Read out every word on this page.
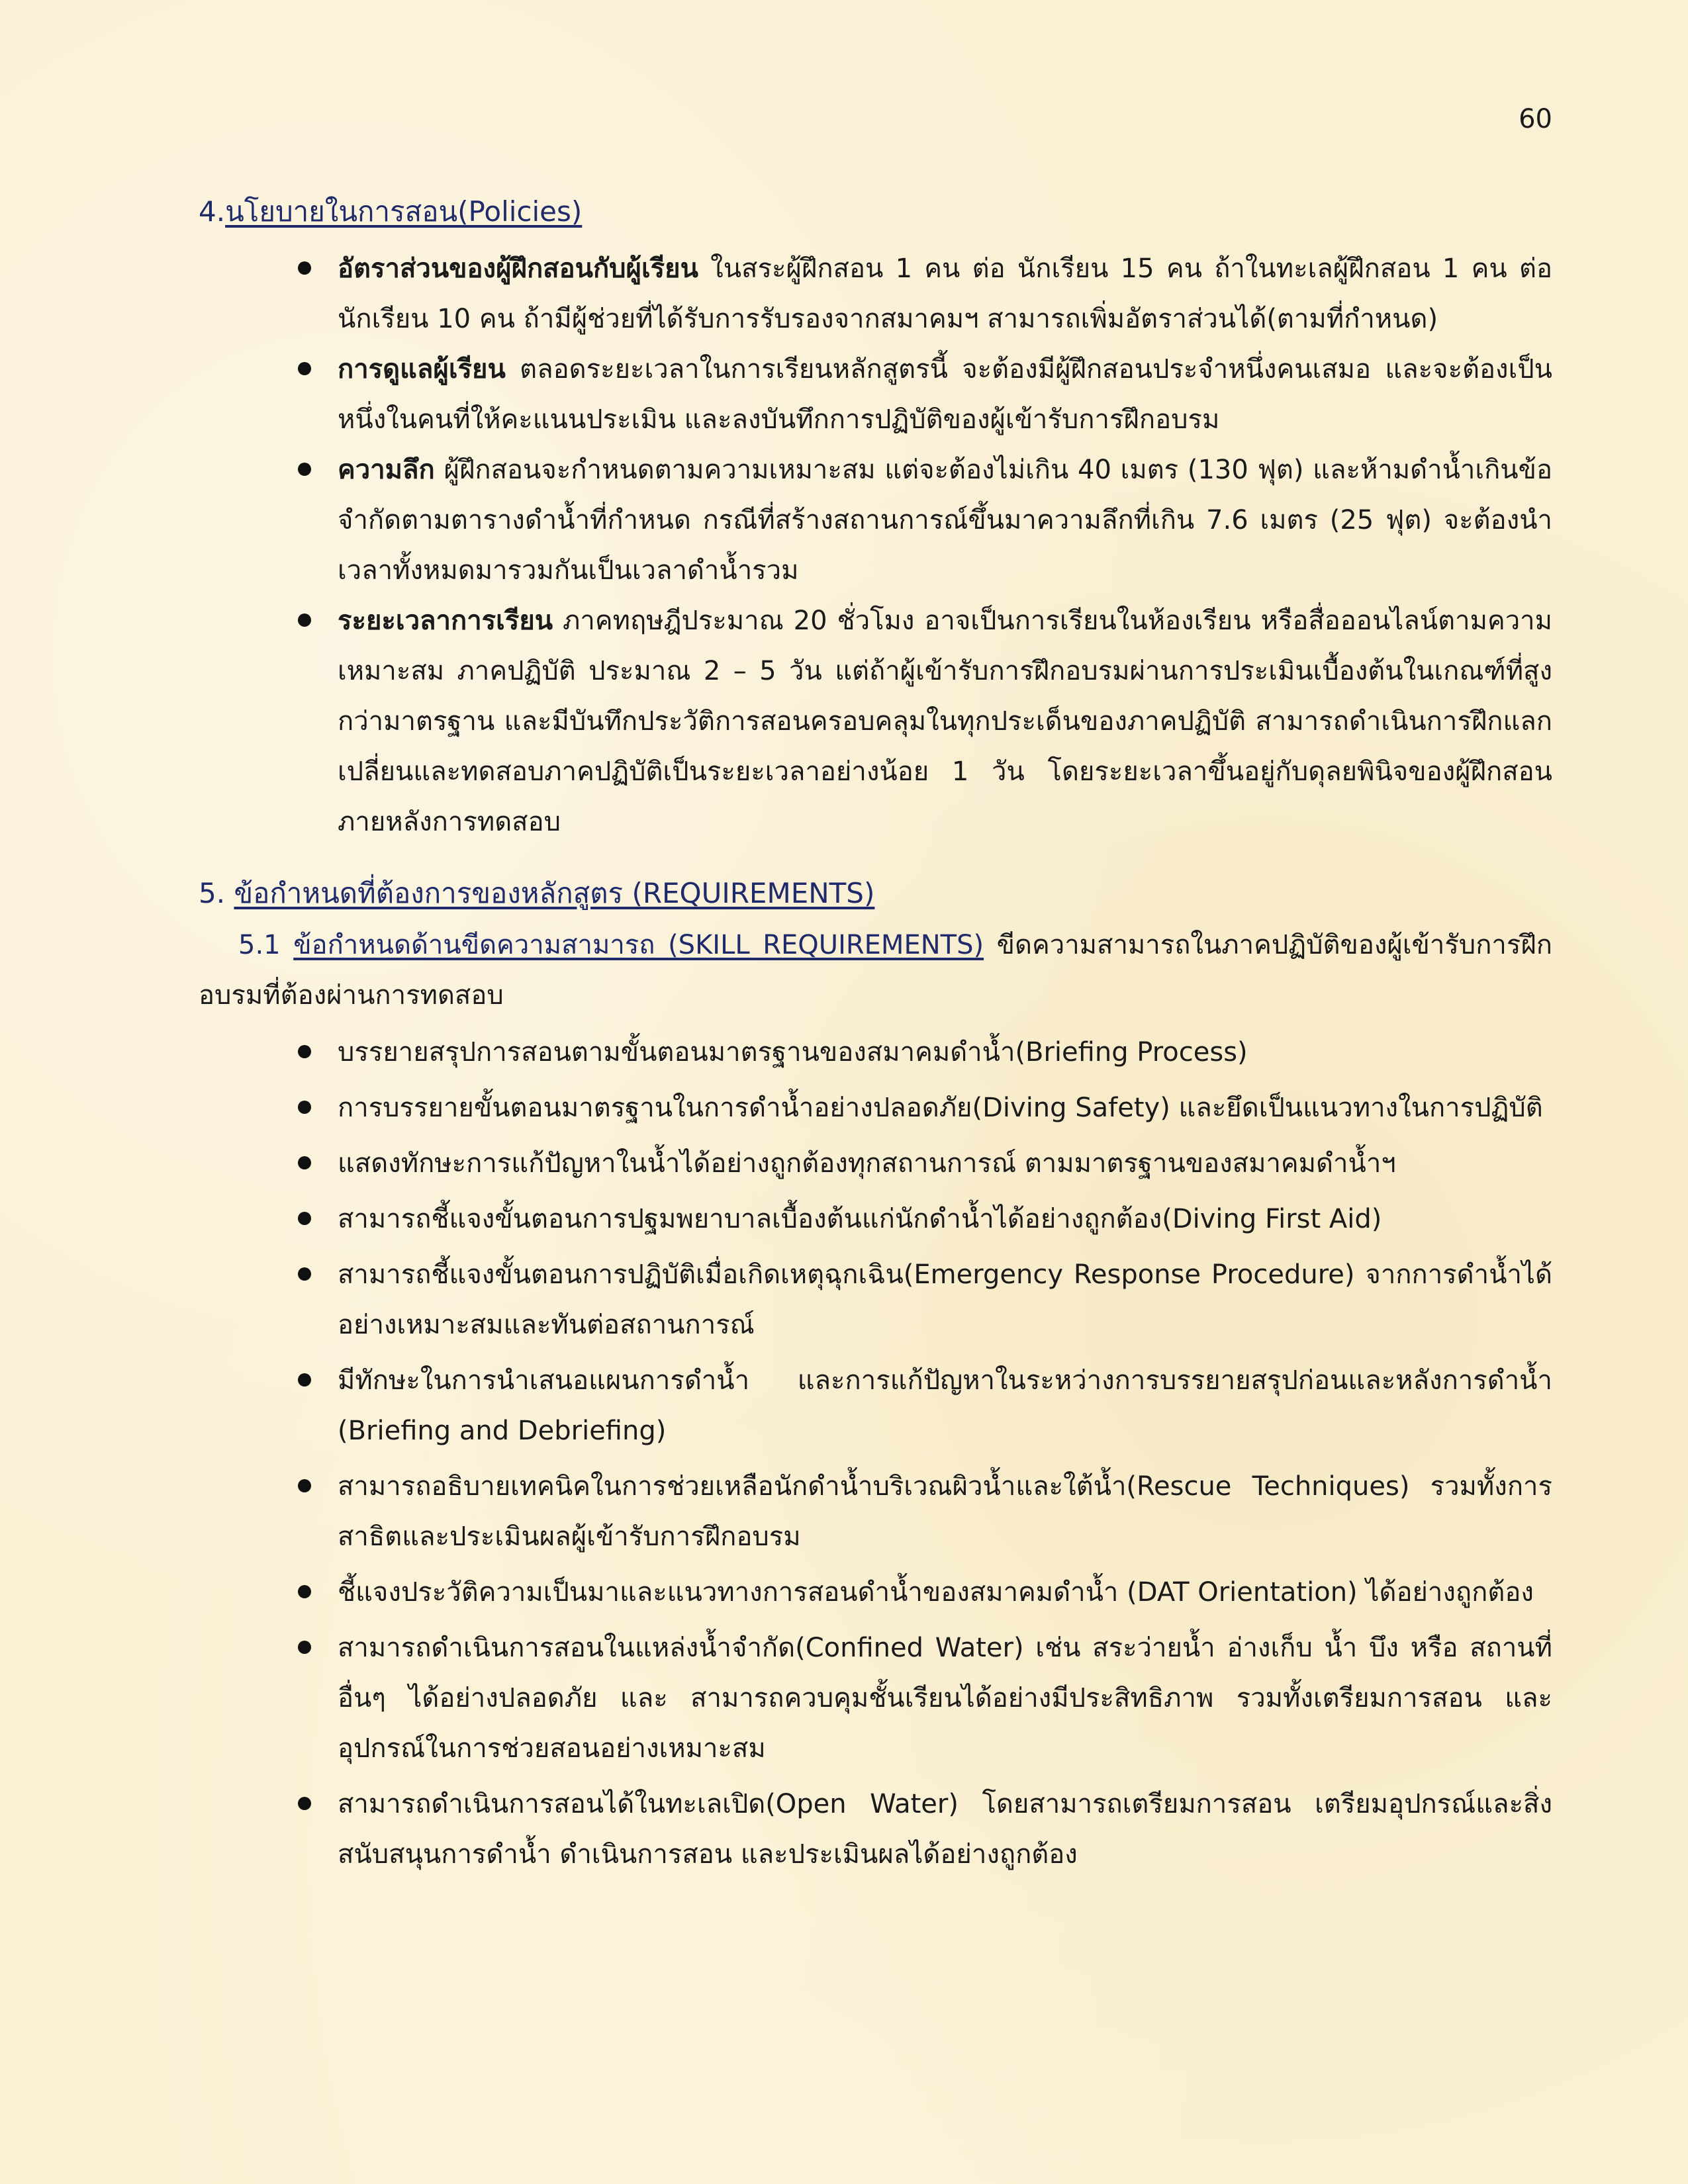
60
4.นโยบายในการสอน(Policies)
อัตราส่วนของผู้ฝึกสอนกับผู้เรียน ในสระผู้ฝึกสอน 1 คน ต่อ นักเรียน 15 คน ถ้าในทะเลผู้ฝึกสอน 1 คน ต่อนักเรียน 10 คน ถ้ามีผู้ช่วยที่ได้รับการรับรองจากสมาคมฯ สามารถเพิ่มอัตราส่วนได้(ตามที่กำหนด)
การดูแลผู้เรียน ตลอดระยะเวลาในการเรียนหลักสูตรนี้ จะต้องมีผู้ฝึกสอนประจำหนึ่งคนเสมอ และจะต้องเป็นหนึ่งในคนที่ให้คะแนนประเมิน และลงบันทึกการปฏิบัติของผู้เข้ารับการฝึกอบรม
ความลึก ผู้ฝึกสอนจะกำหนดตามความเหมาะสม แต่จะต้องไม่เกิน 40 เมตร (130 ฟุต) และห้ามดำน้ำเกินข้อจำกัดตามตารางดำน้ำที่กำหนด กรณีที่สร้างสถานการณ์ขึ้นมาความลึกที่เกิน 7.6 เมตร (25 ฟุต) จะต้องนำเวลาทั้งหมดมารวมกันเป็นเวลาดำน้ำรวม
ระยะเวลาการเรียน ภาคทฤษฎีประมาณ 20 ชั่วโมง อาจเป็นการเรียนในห้องเรียน หรือสื่อออนไลน์ตามความเหมาะสม ภาคปฏิบัติ ประมาณ 2 – 5 วัน แต่ถ้าผู้เข้ารับการฝึกอบรมผ่านการประเมินเบื้องต้นในเกณฑ์ที่สูงกว่ามาตรฐาน และมีบันทึกประวัติการสอนครอบคลุมในทุกประเด็นของภาคปฏิบัติ สามารถดำเนินการฝึกแลกเปลี่ยนและทดสอบภาคปฏิบัติเป็นระยะเวลาอย่างน้อย 1 วัน โดยระยะเวลาขึ้นอยู่กับดุลยพินิจของผู้ฝึกสอนภายหลังการทดสอบ
5. ข้อกำหนดที่ต้องการของหลักสูตร (REQUIREMENTS)
5.1 ข้อกำหนดด้านขีดความสามารถ (SKILL REQUIREMENTS) ขีดความสามารถในภาคปฏิบัติของผู้เข้ารับการฝึกอบรมที่ต้องผ่านการทดสอบ
บรรยายสรุปการสอนตามขั้นตอนมาตรฐานของสมาคมดำน้ำ(Briefing Process)
การบรรยายขั้นตอนมาตรฐานในการดำน้ำอย่างปลอดภัย(Diving Safety) และยึดเป็นแนวทางในการปฏิบัติ
แสดงทักษะการแก้ปัญหาในน้ำได้อย่างถูกต้องทุกสถานการณ์ ตามมาตรฐานของสมาคมดำน้ำฯ
สามารถชี้แจงขั้นตอนการปฐมพยาบาลเบื้องต้นแก่นักดำน้ำได้อย่างถูกต้อง(Diving First Aid)
สามารถชี้แจงขั้นตอนการปฏิบัติเมื่อเกิดเหตุฉุกเฉิน(Emergency Response Procedure) จากการดำน้ำได้อย่างเหมาะสมและทันต่อสถานการณ์
มีทักษะในการนำเสนอแผนการดำน้ำ และการแก้ปัญหาในระหว่างการบรรยายสรุปก่อนและหลังการดำน้ำ (Briefing and Debriefing)
สามารถอธิบายเทคนิคในการช่วยเหลือนักดำน้ำบริเวณผิวน้ำและใต้น้ำ(Rescue Techniques) รวมทั้งการสาธิตและประเมินผลผู้เข้ารับการฝึกอบรม
ชี้แจงประวัติความเป็นมาและแนวทางการสอนดำน้ำของสมาคมดำน้ำ (DAT Orientation) ได้อย่างถูกต้อง
สามารถดำเนินการสอนในแหล่งน้ำจำกัด(Confined Water) เช่น สระว่ายน้ำ อ่างเก็บ น้ำ บึง หรือ สถานที่อื่นๆ ได้อย่างปลอดภัย และ สามารถควบคุมชั้นเรียนได้อย่างมีประสิทธิภาพ รวมทั้งเตรียมการสอน และอุปกรณ์ในการช่วยสอนอย่างเหมาะสม
สามารถดำเนินการสอนได้ในทะเลเปิด(Open Water) โดยสามารถเตรียมการสอน เตรียมอุปกรณ์และสิ่งสนับสนุนการดำน้ำ ดำเนินการสอน และประเมินผลได้อย่างถูกต้อง
